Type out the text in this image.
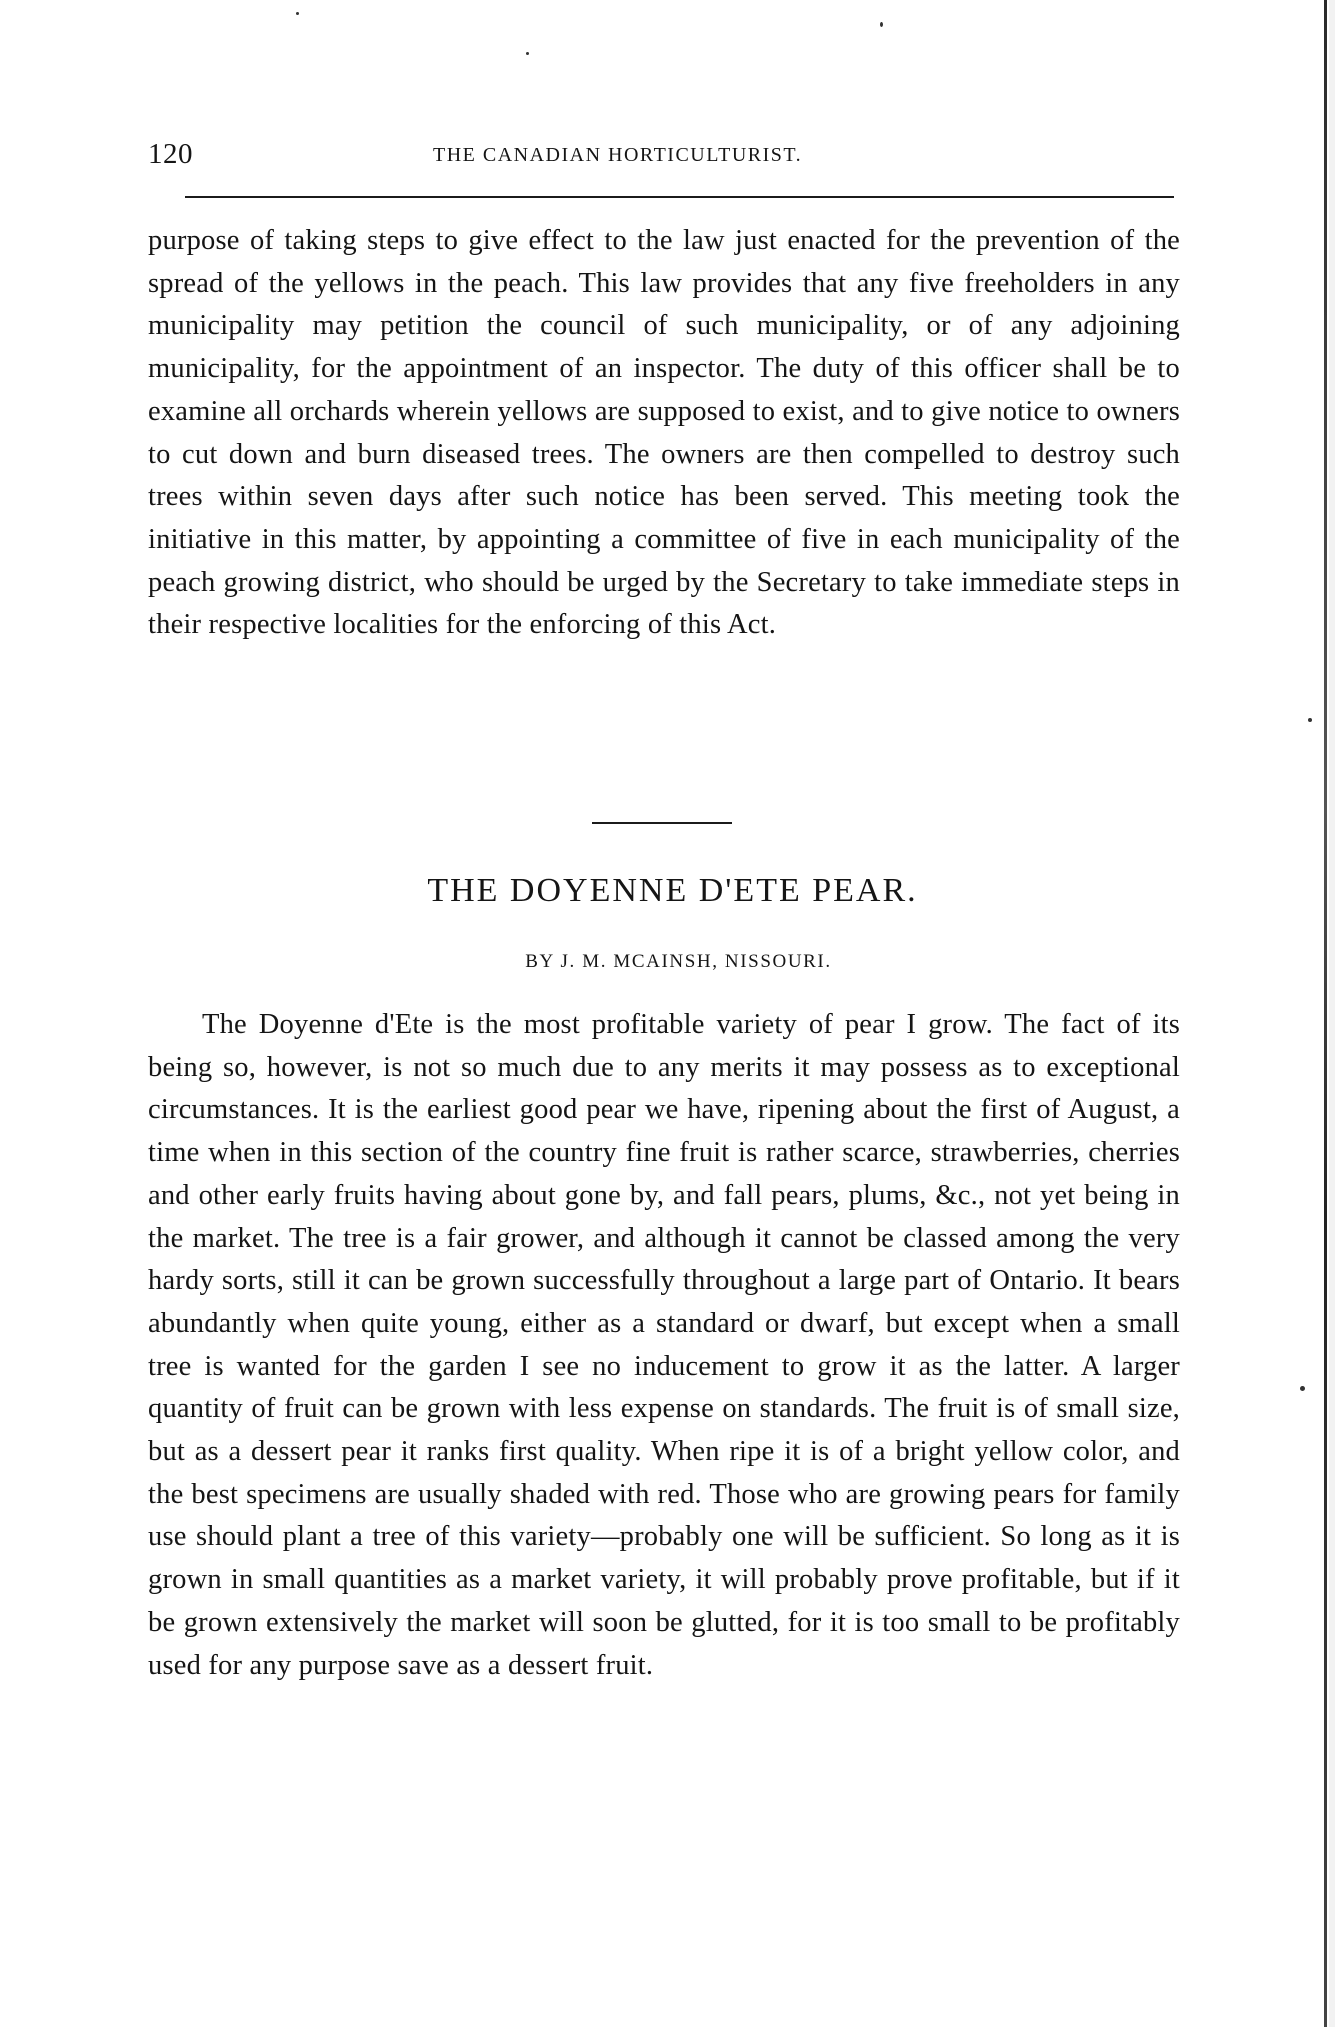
120	THE CANADIAN HORTICULTURIST.

purpose of taking steps to give effect to the law just enacted for the prevention of the spread of the yellows in the peach. This law provides that any five freeholders in any municipality may petition the council of such municipality, or of any adjoining municipality, for the appointment of an inspector. The duty of this officer shall be to examine all orchards wherein yellows are supposed to exist, and to give notice to owners to cut down and burn diseased trees. The owners are then compelled to destroy such trees within seven days after such notice has been served. This meeting took the initiative in this matter, by appointing a committee of five in each municipality of the peach growing district, who should be urged by the Secretary to take immediate steps in their respective localities for the enforcing of this Act.

THE DOYENNE D'ETE PEAR.
BY J. M. MCAINSH, NISSOURI.

The Doyenne d'Ete is the most profitable variety of pear I grow. The fact of its being so, however, is not so much due to any merits it may possess as to exceptional circumstances. It is the earliest good pear we have, ripening about the first of August, a time when in this section of the country fine fruit is rather scarce, strawberries, cherries and other early fruits having about gone by, and fall pears, plums, &c., not yet being in the market. The tree is a fair grower, and although it cannot be classed among the very hardy sorts, still it can be grown successfully throughout a large part of Ontario. It bears abundantly when quite young, either as a standard or dwarf, but except when a small tree is wanted for the garden I see no inducement to grow it as the latter. A larger quantity of fruit can be grown with less expense on standards. The fruit is of small size, but as a dessert pear it ranks first quality. When ripe it is of a bright yellow color, and the best specimens are usually shaded with red. Those who are growing pears for family use should plant a tree of this variety—probably one will be sufficient. So long as it is grown in small quantities as a market variety, it will probably prove profitable, but if it be grown extensively the market will soon be glutted, for it is too small to be profitably used for any purpose save as a dessert fruit.
